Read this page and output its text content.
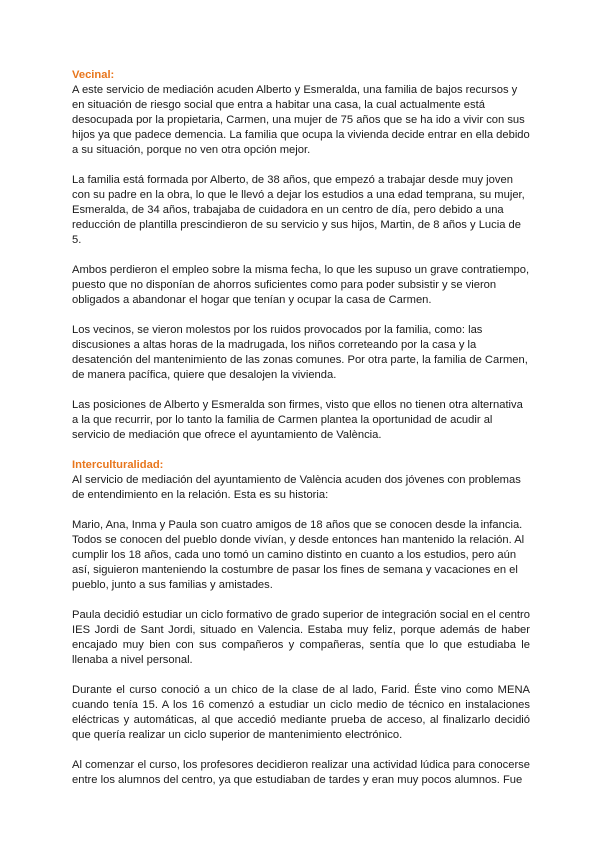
Vecinal:

A este servicio de mediación acuden Alberto y Esmeralda, una familia de bajos recursos y en situación de riesgo social que entra a habitar una casa, la cual actualmente está desocupada por la propietaria, Carmen, una mujer de 75 años que se ha ido a vivir con sus hijos ya que padece demencia. La familia que ocupa la vivienda decide entrar en ella debido a su situación, porque no ven otra opción mejor.

La familia está formada por Alberto, de 38 años, que empezó a trabajar desde muy joven con su padre en la obra, lo que le llevó a dejar los estudios a una edad temprana, su mujer, Esmeralda, de 34 años, trabajaba de cuidadora en un centro de día, pero debido a una reducción de plantilla prescindieron de su servicio y sus hijos, Martin, de 8 años y Lucia de 5.

Ambos perdieron el empleo sobre la misma fecha, lo que les supuso un grave contratiempo, puesto que no disponían de ahorros suficientes como para poder subsistir y se vieron obligados a abandonar el hogar que tenían y ocupar la casa de Carmen.

Los vecinos, se vieron molestos por los ruidos provocados por la familia, como: las discusiones a altas horas de la madrugada, los niños correteando por la casa y la desatención del mantenimiento de las zonas comunes. Por otra parte, la familia de Carmen, de manera pacífica, quiere que desalojen la vivienda.

Las posiciones de Alberto y Esmeralda son firmes, visto que ellos no tienen otra alternativa a la que recurrir, por lo tanto la familia de Carmen plantea la oportunidad de acudir al servicio de mediación que ofrece el ayuntamiento de València.

Interculturalidad:

Al servicio de mediación del ayuntamiento de València acuden dos jóvenes con problemas de entendimiento en la relación. Esta es su historia:

Mario, Ana, Inma y Paula son cuatro amigos de 18 años que se conocen desde la infancia. Todos se conocen del pueblo donde vivían, y desde entonces han mantenido la relación. Al cumplir los 18 años, cada uno tomó un camino distinto en cuanto a los estudios, pero aún así, siguieron manteniendo la costumbre de pasar los fines de semana y vacaciones en el pueblo, junto a sus familias y amistades.

Paula decidió estudiar un ciclo formativo de grado superior de integración social en el centro IES Jordi de Sant Jordi, situado en Valencia. Estaba muy feliz, porque además de haber encajado muy bien con sus compañeros y compañeras, sentía que lo que estudiaba le llenaba a nivel personal.

Durante el curso conoció a un chico de la clase de al lado, Farid. Éste vino como MENA cuando tenía 15. A los 16 comenzó a estudiar un ciclo medio de técnico en instalaciones eléctricas y automáticas, al que accedió mediante prueba de acceso, al finalizarlo decidió que quería realizar un ciclo superior de mantenimiento electrónico.

Al comenzar el curso, los profesores decidieron realizar una actividad lúdica para conocerse entre los alumnos del centro, ya que estudiaban de tardes y eran muy pocos alumnos. Fue
